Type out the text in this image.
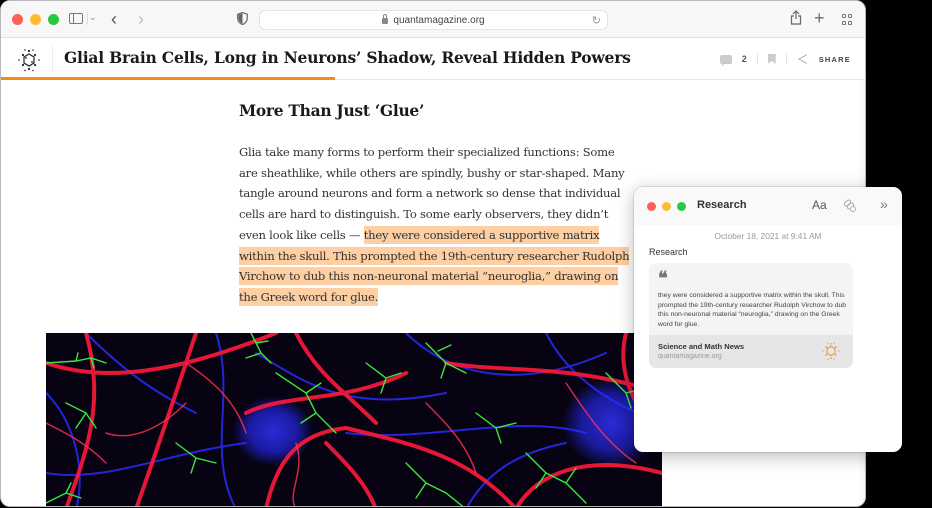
⌄ ‹ ›	quantamagazine.org	↻	+
Glial Brain Cells, Long in Neurons’ Shadow, Reveal Hidden Powers	2	SHARE
More Than Just ‘Glue’

Glia take many forms to perform their specialized functions: Some are sheathlike, while others are spindly, bushy or star-shaped. Many tangle around neurons and form a network so dense that individual cells are hard to distinguish. To some early observers, they didn’t even look like cells — they were considered a supportive matrix within the skull. This prompted the 19th-century researcher Rudolph Virchow to dub this non-neuronal material “neuroglia,” drawing on the Greek word for glue.

Research	Aa	»
October 18, 2021 at 9:41 AM
Research
❝
they were considered a supportive matrix within the skull. This prompted the 19th-century researcher Rudolph Virchow to dub this non-neuronal material “neuroglia,” drawing on the Greek word for glue.
Science and Math News
quantamagazine.org
